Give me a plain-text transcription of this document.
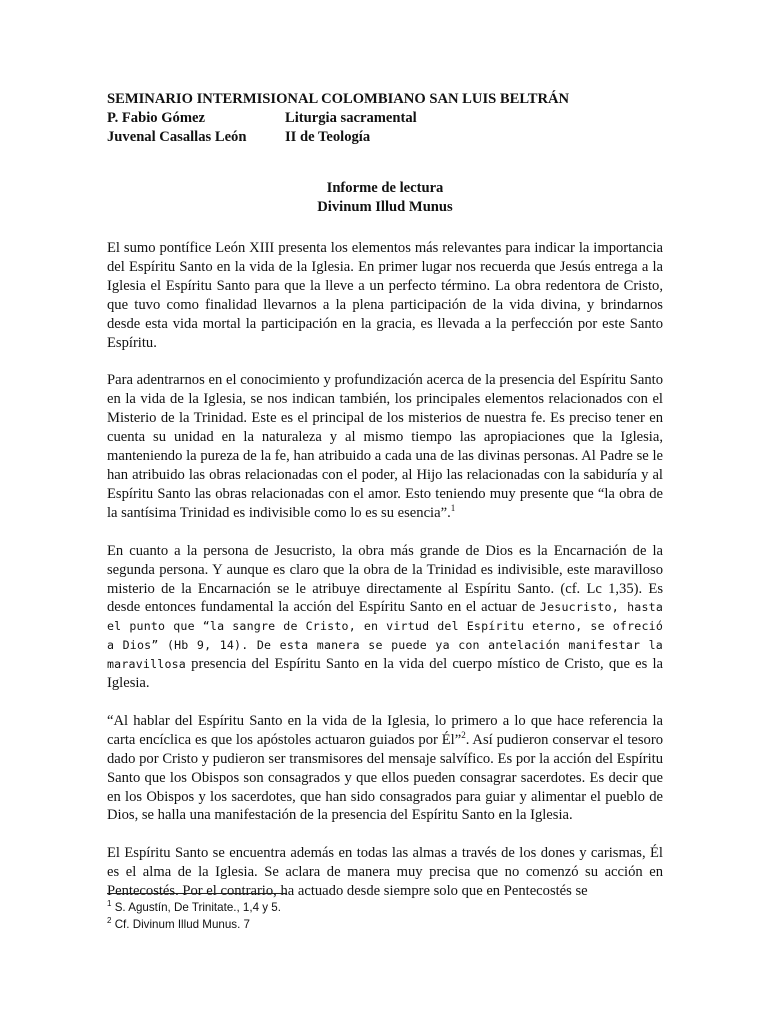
SEMINARIO INTERMISIONAL COLOMBIANO SAN LUIS BELTRÁN
P. Fabio Gómez	Liturgia sacramental
Juvenal Casallas León	II de Teología
Informe de lectura
Divinum Illud Munus

El sumo pontífice León XIII presenta los elementos más relevantes para indicar la importancia del Espíritu Santo en la vida de la Iglesia. En primer lugar nos recuerda que Jesús entrega a la Iglesia el Espíritu Santo para que la lleve a un perfecto término. La obra redentora de Cristo, que tuvo como finalidad llevarnos a la plena participación de la vida divina, y brindarnos desde esta vida mortal la participación en la gracia, es llevada a la perfección por este Santo Espíritu.

Para adentrarnos en el conocimiento y profundización acerca de la presencia del Espíritu Santo en la vida de la Iglesia, se nos indican también, los principales elementos relacionados con el Misterio de la Trinidad. Este es el principal de los misterios de nuestra fe. Es preciso tener en cuenta su unidad en la naturaleza y al mismo tiempo las apropiaciones que la Iglesia, manteniendo la pureza de la fe, han atribuido a cada una de las divinas personas. Al Padre se le han atribuido las obras relacionadas con el poder, al Hijo las relacionadas con la sabiduría y al Espíritu Santo las obras relacionadas con el amor. Esto teniendo muy presente que “la obra de la santísima Trinidad es indivisible como lo es su esencia”.$^1$

En cuanto a la persona de Jesucristo, la obra más grande de Dios es la Encarnación de la segunda persona. Y aunque es claro que la obra de la Trinidad es indivisible, este maravilloso misterio de la Encarnación se le atribuye directamente al Espíritu Santo. (cf. Lc 1,35). Es desde entonces fundamental la acción del Espíritu Santo en el actuar de Jesucristo, hasta el punto que “la sangre de Cristo, en virtud del Espíritu eterno, se ofreció a Dios” (Hb 9, 14). De esta manera se puede ya con antelación manifestar la maravillosa presencia del Espíritu Santo en la vida del cuerpo místico de Cristo, que es la Iglesia.

“Al hablar del Espíritu Santo en la vida de la Iglesia, lo primero a lo que hace referencia la carta encíclica es que los apóstoles actuaron guiados por Él”$^2$. Así pudieron conservar el tesoro dado por Cristo y pudieron ser transmisores del mensaje salvífico. Es por la acción del Espíritu Santo que los Obispos son consagrados y que ellos pueden consagrar sacerdotes. Es decir que en los Obispos y los sacerdotes, que han sido consagrados para guiar y alimentar el pueblo de Dios, se halla una manifestación de la presencia del Espíritu Santo en la Iglesia.

El Espíritu Santo se encuentra además en todas las almas a través de los dones y carismas, Él es el alma de la Iglesia. Se aclara de manera muy precisa que no comenzó su acción en Pentecostés. Por el contrario, ha actuado desde siempre solo que en Pentecostés se

$^1$ S. Agustín, De Trinitate., 1,4 y 5.
$^2$ Cf. Divinum Illud Munus. 7
